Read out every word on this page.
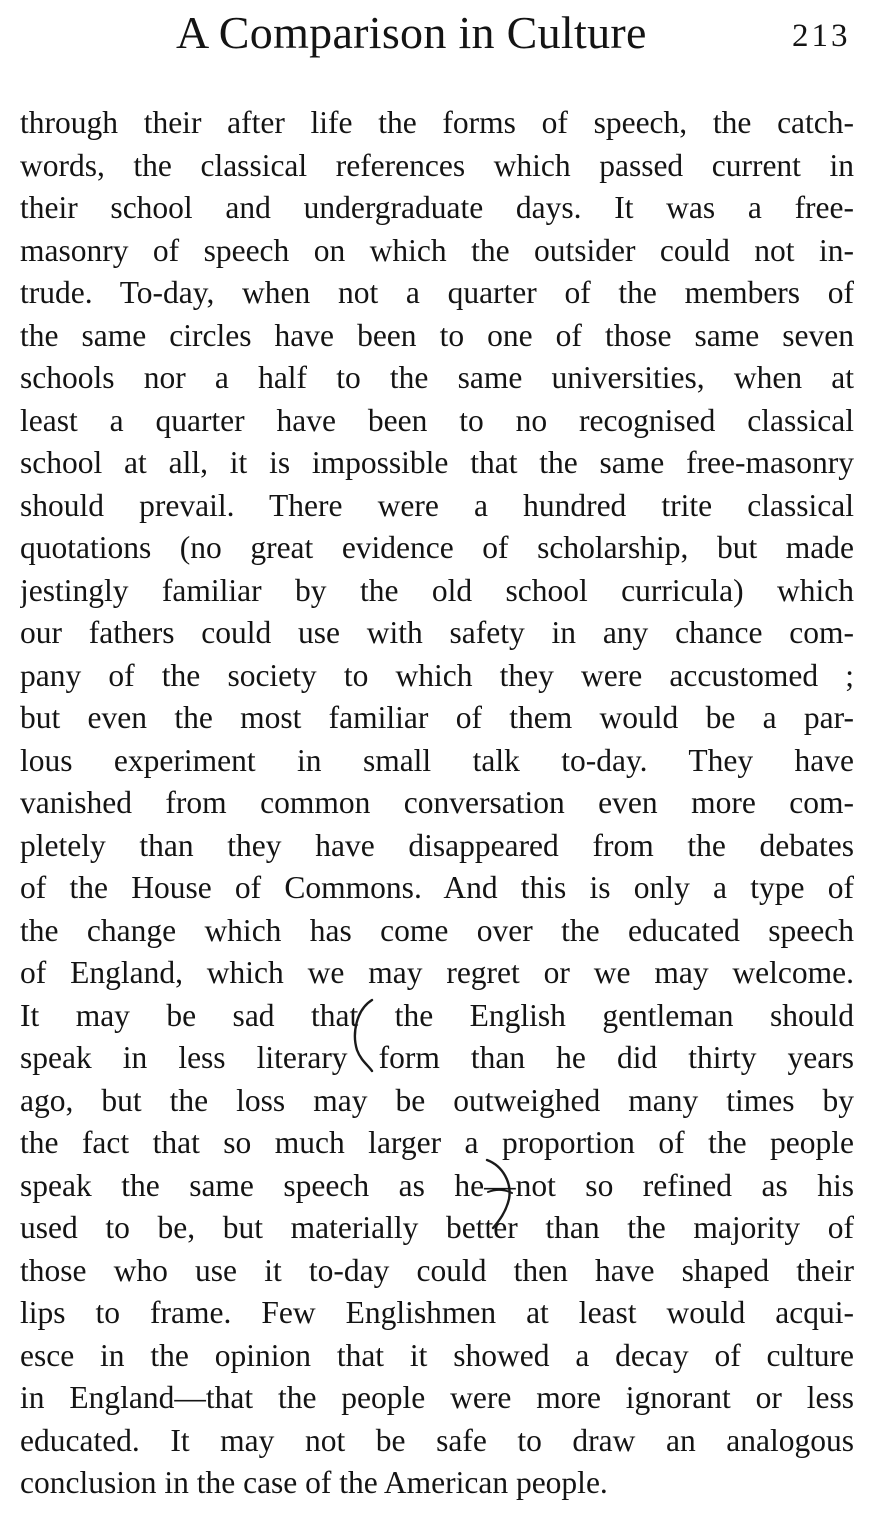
A Comparison in Culture	213
through their after life the forms of speech, the catch-
words, the classical references which passed current in
their school and undergraduate days. It was a free-
masonry of speech on which the outsider could not in-
trude. To-day, when not a quarter of the members of
the same circles have been to one of those same seven
schools nor a half to the same universities, when at
least a quarter have been to no recognised classical
school at all, it is impossible that the same free-masonry
should prevail. There were a hundred trite classical
quotations (no great evidence of scholarship, but made
jestingly familiar by the old school curricula) which
our fathers could use with safety in any chance com-
pany of the society to which they were accustomed ;
but even the most familiar of them would be a par-
lous experiment in small talk to-day. They have
vanished from common conversation even more com-
pletely than they have disappeared from the debates
of the House of Commons. And this is only a type of
the change which has come over the educated speech
of England, which we may regret or we may welcome.
It may be sad that the English gentleman should
speak in less literary form than he did thirty years
ago, but the loss may be outweighed many times by
the fact that so much larger a proportion of the people
speak the same speech as he—not so refined as his
used to be, but materially better than the majority of
those who use it to-day could then have shaped their
lips to frame. Few Englishmen at least would acqui-
esce in the opinion that it showed a decay of culture
in England—that the people were more ignorant or less
educated. It may not be safe to draw an analogous
conclusion in the case of the American people.
